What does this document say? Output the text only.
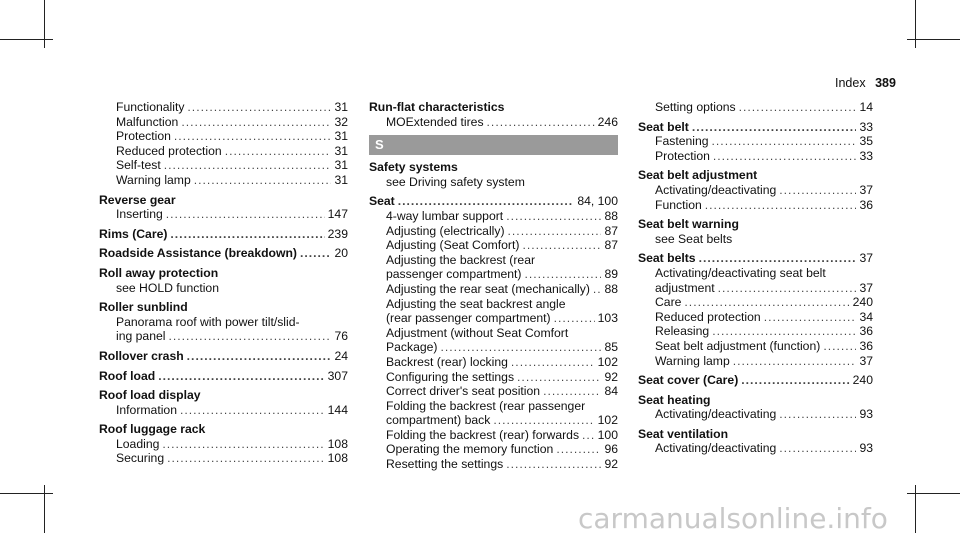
Index 389
Functionality .....	31
Malfunction .....	32
Protection .....	31
Reduced protection .....	31
Self-test .....	31
Warning lamp .....	31
Reverse gear
Inserting .....	147
Rims (Care) .....	239
Roadside Assistance (breakdown) .....	20
Roll away protection
see HOLD function
Roller sunblind
Panorama roof with power tilt/slid-
ing panel .....	76
Rollover crash .....	24
Roof load .....	307
Roof load display
Information .....	144
Roof luggage rack
Loading .....	108
Securing .....	108
Run-flat characteristics
MOExtended tires .....	246
S
Safety systems
see Driving safety system
Seat .....	84, 100
4-way lumbar support .....	88
Adjusting (electrically) .....	87
Adjusting (Seat Comfort) .....	87
Adjusting the backrest (rear
passenger compartment) .....	89
Adjusting the rear seat (mechanically) ..... 88
Adjusting the seat backrest angle
(rear passenger compartment) .....	103
Adjustment (without Seat Comfort
Package) .....	85
Backrest (rear) locking .....	102
Configuring the settings .....	92
Correct driver's seat position .....	84
Folding the backrest (rear passenger
compartment) back .....	102
Folding the backrest (rear) forwards ..... 100
Operating the memory function .....	96
Resetting the settings .....	92
Setting options .....	14
Seat belt .....	33
Fastening .....	35
Protection .....	33
Seat belt adjustment
Activating/deactivating .....	37
Function .....	36
Seat belt warning
see Seat belts
Seat belts .....	37
Activating/deactivating seat belt
adjustment .....	37
Care .....	240
Reduced protection .....	34
Releasing .....	36
Seat belt adjustment (function) .....	36
Warning lamp .....	37
Seat cover (Care) .....	240
Seat heating
Activating/deactivating .....	93
Seat ventilation
Activating/deactivating .....	93
carmanualsonline.info
